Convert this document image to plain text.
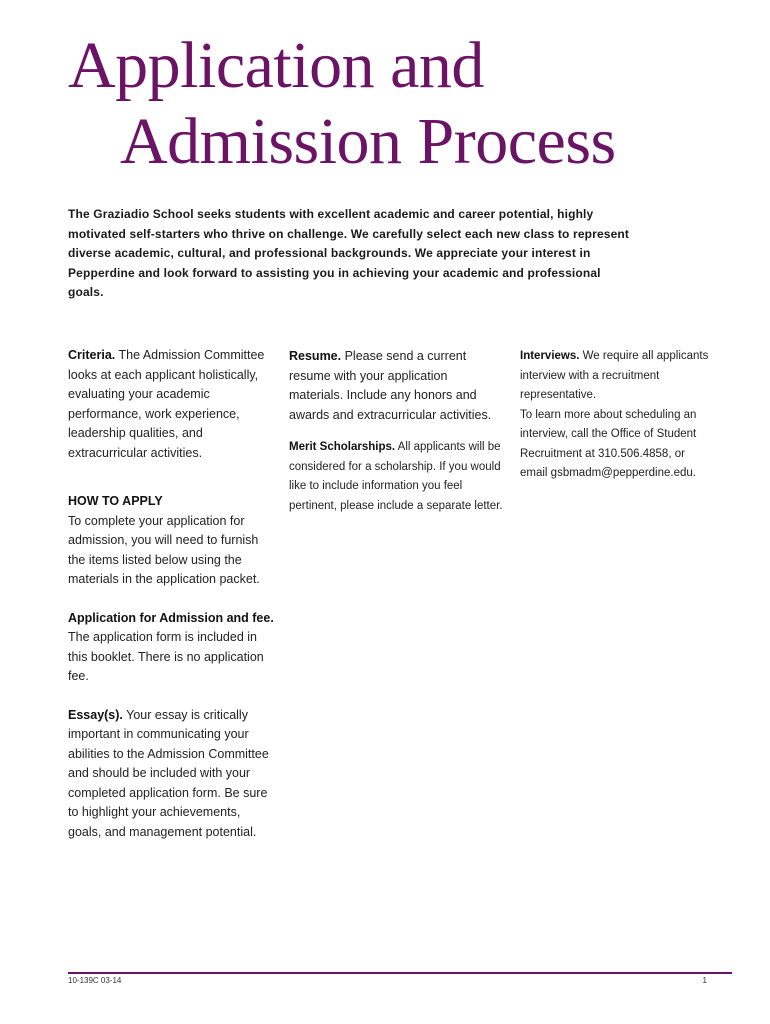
Application and
Admission Process

The Graziadio School seeks students with excellent academic and career potential, highly motivated self-starters who thrive on challenge. We carefully select each new class to represent diverse academic, cultural, and professional backgrounds. We appreciate your interest in Pepperdine and look forward to assisting you in achieving your academic and professional goals.

Criteria. The Admission Committee looks at each applicant holistically, evaluating your academic performance, work experience, leadership qualities, and extracurricular activities.

HOW TO APPLY

To complete your application for admission, you will need to furnish the items listed below using the materials in the application packet.

Application for Admission and fee. The application form is included in this booklet. There is no application fee.

Essay(s). Your essay is critically important in communicating your abilities to the Admission Committee and should be included with your completed application form. Be sure to highlight your achievements, goals, and management potential.

Resume. Please send a current resume with your application materials. Include any honors and awards and extracurricular activities.

Merit Scholarships. All applicants will be considered for a scholarship. If you would like to include information you feel pertinent, please include a separate letter.

Interviews. We require all applicants interview with a recruitment representative.

To learn more about scheduling an interview, call the Office of Student Recruitment at 310.506.4858, or email gsbmadm@pepperdine.edu.

10-139C 03-14	1
